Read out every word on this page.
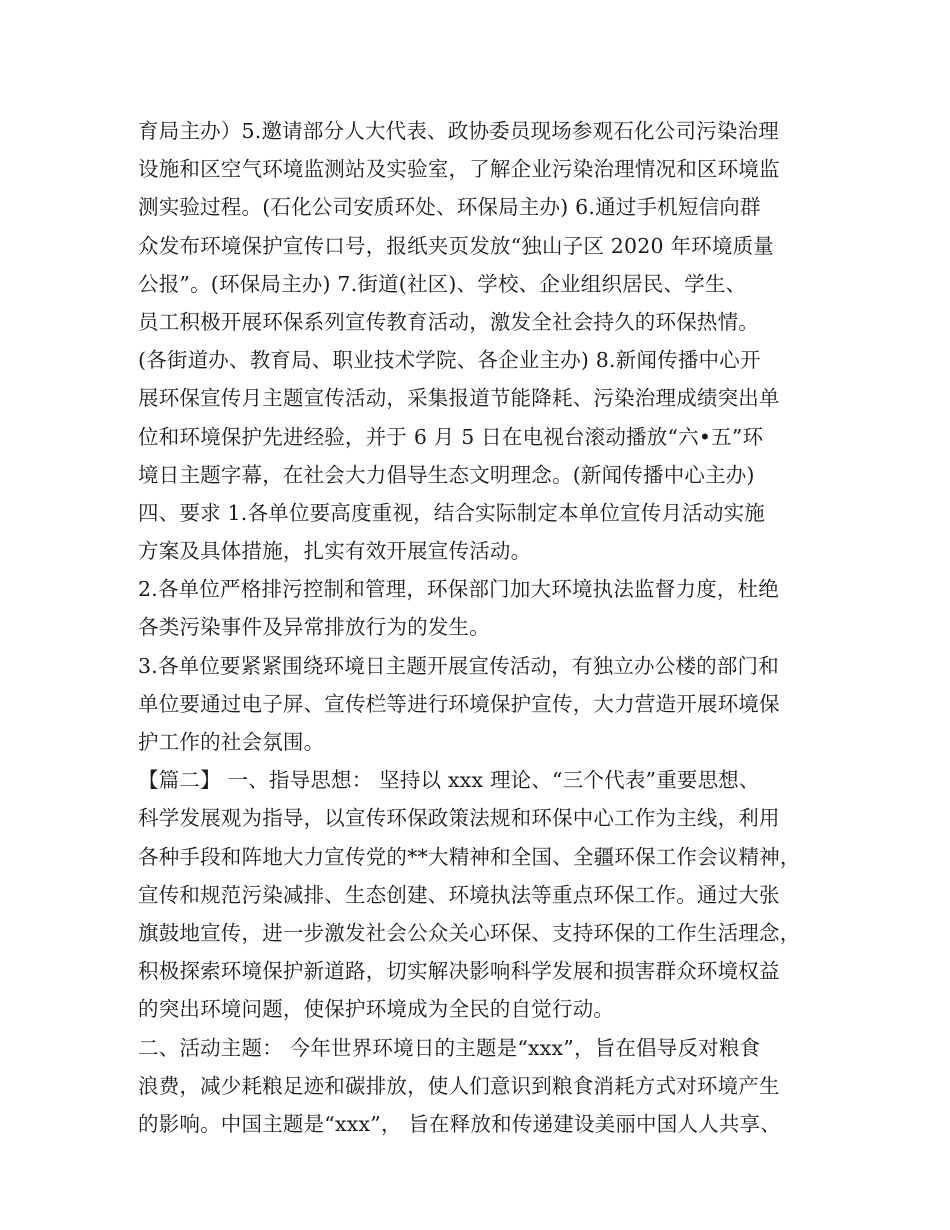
育局主办）5.邀请部分人大代表、政协委员现场参观石化公司污染治理
设施和区空气环境监测站及实验室，了解企业污染治理情况和区环境监
测实验过程。(石化公司安质环处、环保局主办) 6.通过手机短信向群
众发布环境保护宣传口号，报纸夹页发放“独山子区 2020 年环境质量
公报”。(环保局主办) 7.街道(社区)、学校、企业组织居民、学生、
员工积极开展环保系列宣传教育活动，激发全社会持久的环保热情。
(各街道办、教育局、职业技术学院、各企业主办) 8.新闻传播中心开
展环保宣传月主题宣传活动，采集报道节能降耗、污染治理成绩突出单
位和环境保护先进经验，并于 6 月 5 日在电视台滚动播放“六•五”环
境日主题字幕，在社会大力倡导生态文明理念。(新闻传播中心主办)
四、要求 1.各单位要高度重视，结合实际制定本单位宣传月活动实施
方案及具体措施，扎实有效开展宣传活动。
2.各单位严格排污控制和管理，环保部门加大环境执法监督力度，杜绝
各类污染事件及异常排放行为的发生。
3.各单位要紧紧围绕环境日主题开展宣传活动，有独立办公楼的部门和
单位要通过电子屏、宣传栏等进行环境保护宣传，大力营造开展环境保
护工作的社会氛围。
【篇二】 一、指导思想： 坚持以 xxx 理论、“三个代表”重要思想、
科学发展观为指导，以宣传环保政策法规和环保中心工作为主线，利用
各种手段和阵地大力宣传党的**大精神和全国、全疆环保工作会议精神，
宣传和规范污染减排、生态创建、环境执法等重点环保工作。通过大张
旗鼓地宣传，进一步激发社会公众关心环保、支持环保的工作生活理念，
积极探索环境保护新道路，切实解决影响科学发展和损害群众环境权益
的突出环境问题，使保护环境成为全民的自觉行动。
二、活动主题： 今年世界环境日的主题是“xxx”，旨在倡导反对粮食
浪费，减少耗粮足迹和碳排放，使人们意识到粮食消耗方式对环境产生
的影响。中国主题是“xxx”， 旨在释放和传递建设美丽中国人人共享、
